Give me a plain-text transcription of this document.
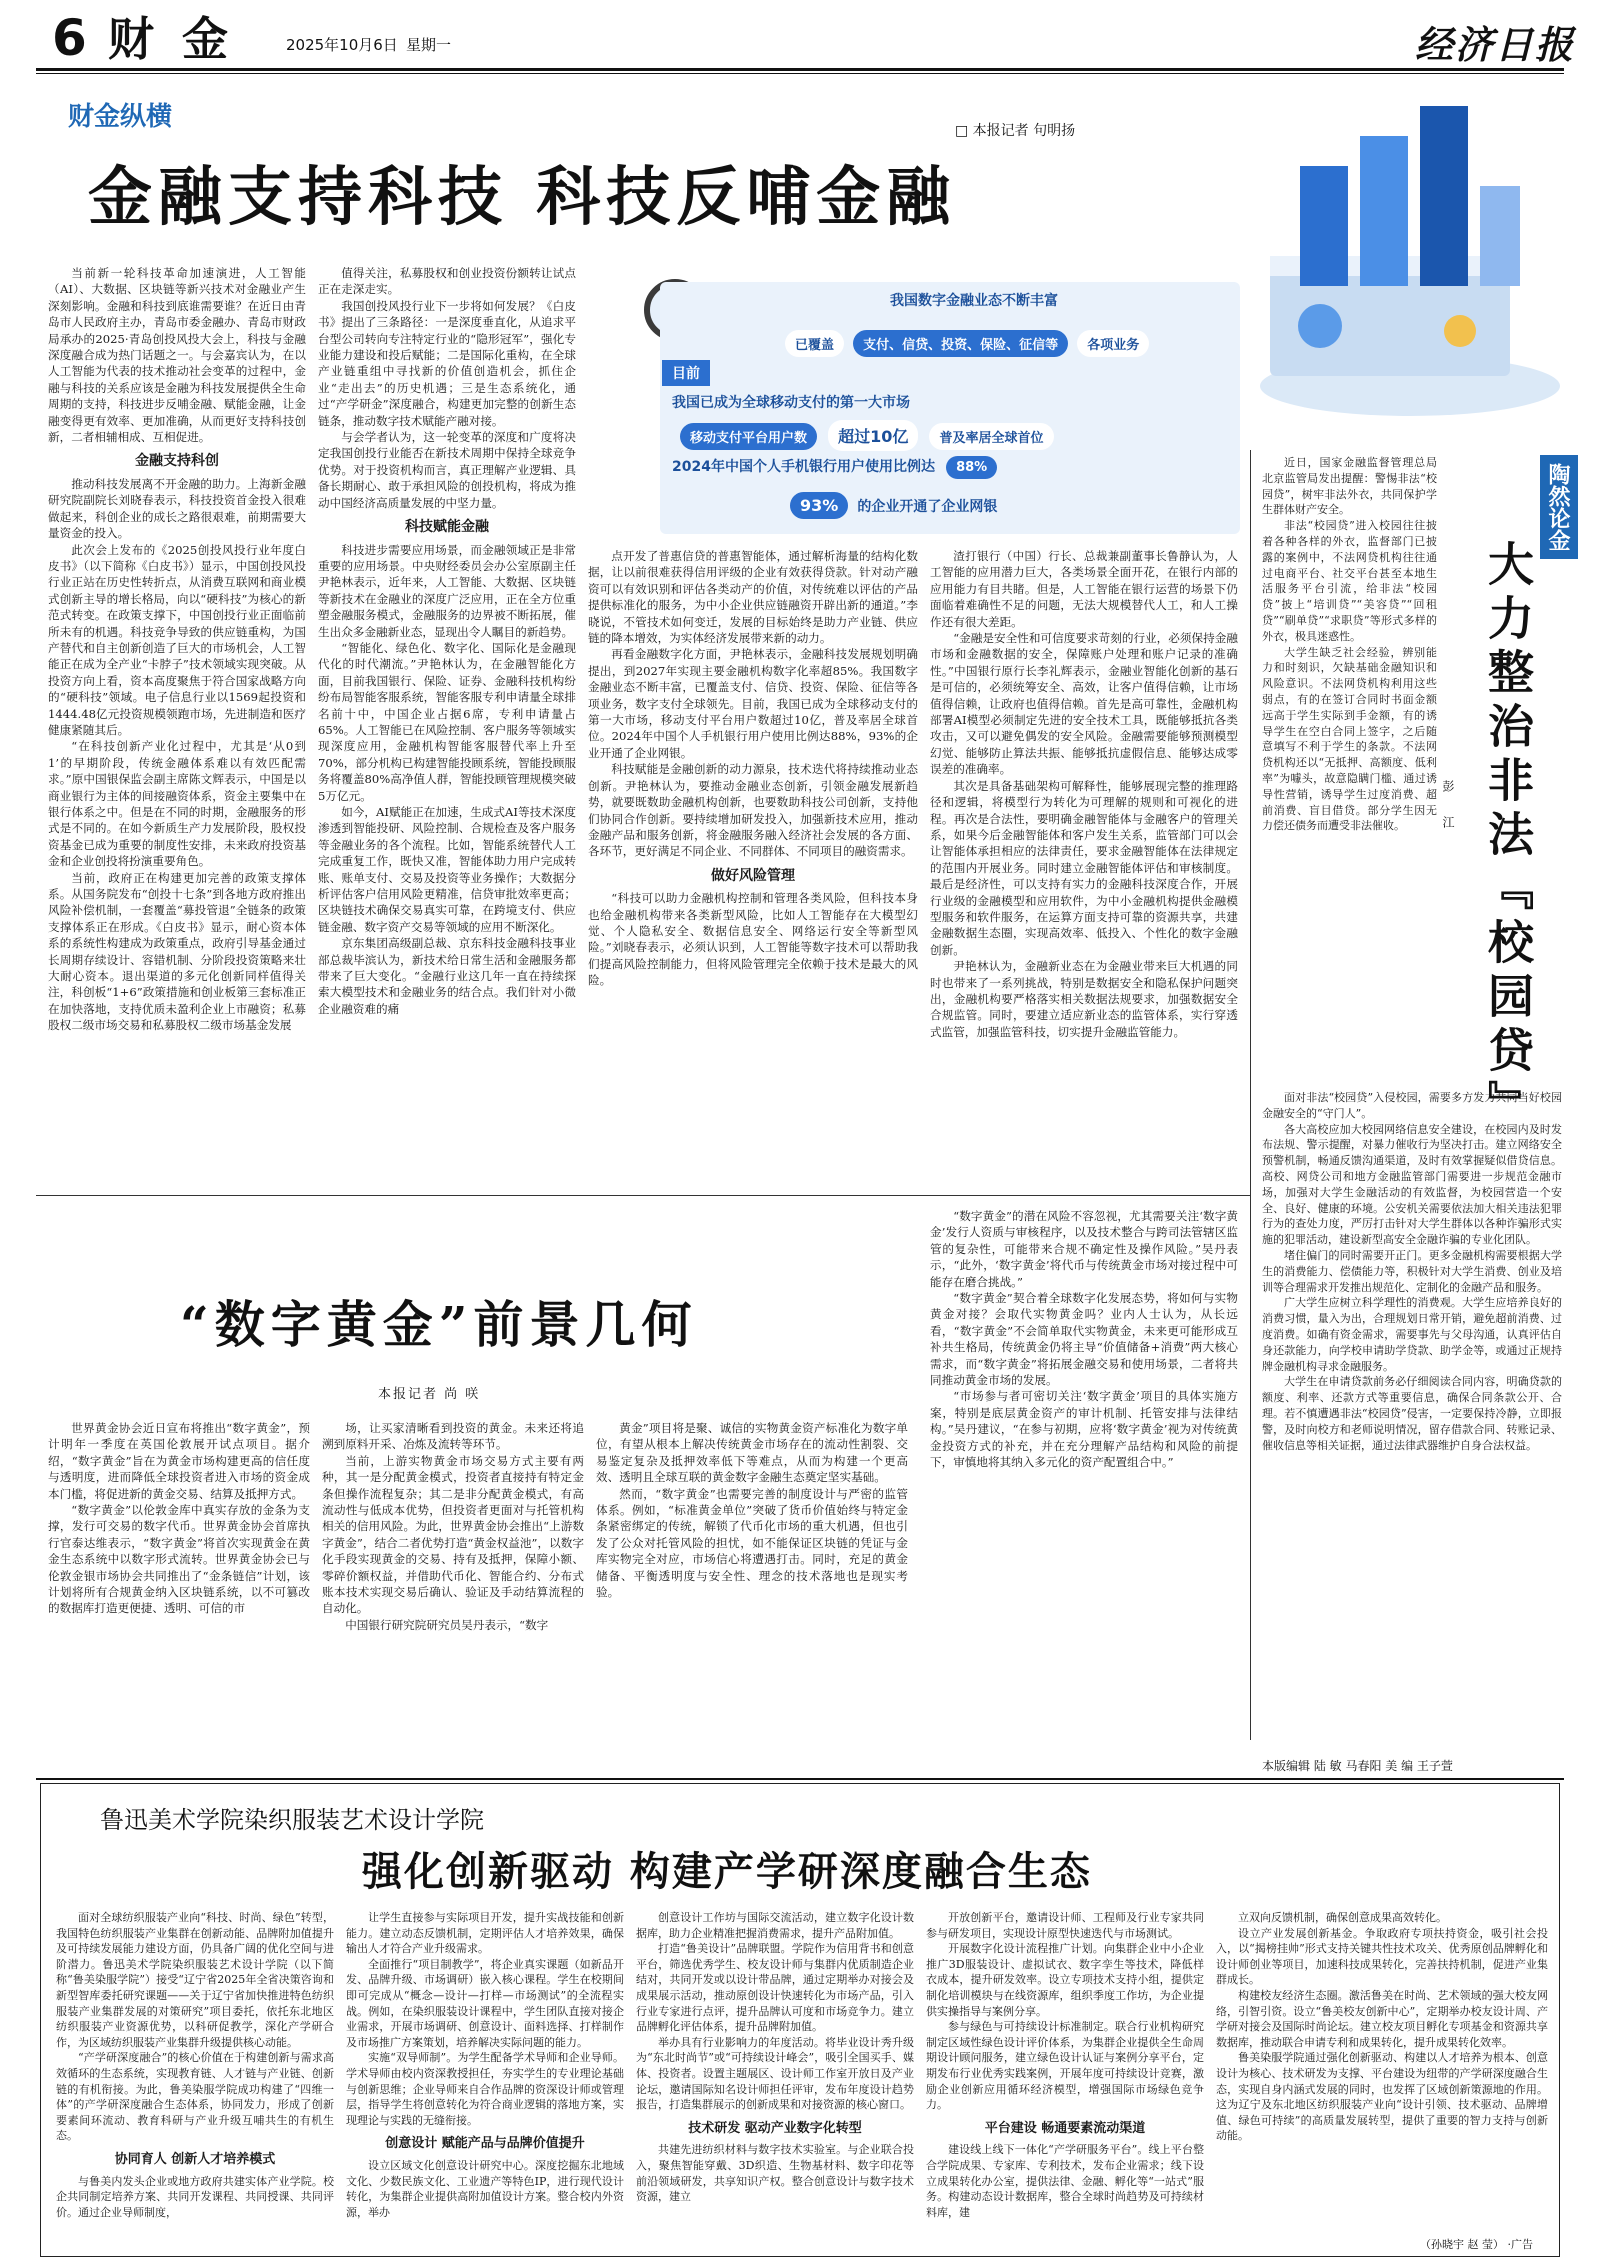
6 财 金	2025年10月6日 星期一	经济日报
财金纵横	□ 本报记者 句明扬
金融支持科技 科技反哺金融
我国数字金融业态不断丰富
已覆盖 支付、信贷、投资、保险、征信等 各项业务
目前
我国已成为全球移动支付的第一大市场
移动支付平台用户数 超过10亿 普及率居全球首位
2024年中国个人手机银行用户使用比例达 88%
93% 的企业开通了企业网银

当前新一轮科技革命加速演进，人工智能（AI）、大数据、区块链等新兴技术对金融业产生深刻影响。金融和科技到底谁需要谁？在近日由青岛市人民政府主办，青岛市委金融办、青岛市财政局承办的2025·青岛创投风投大会上，科技与金融深度融合成为热门话题之一。与会嘉宾认为，在以人工智能为代表的技术推动社会变革的过程中，金融与科技的关系应该是金融为科技发展提供全生命周期的支持，科技进步反哺金融、赋能金融，让金融变得更有效率、更加准确，从而更好支持科技创新，二者相辅相成、互相促进。

金融支持科创

推动科技发展离不开金融的助力。上海新金融研究院副院长刘晓春表示，科技投资首金投入很难做起来，科创企业的成长之路很艰难，前期需要大量资金的投入。

此次会上发布的《2025创投风投行业年度白皮书》（以下简称《白皮书》）显示，中国创投风投行业正站在历史性转折点，从消费互联网和商业模式创新主导的增长格局，向以“硬科技”为核心的新范式转变。在政策支撑下，中国创投行业正面临前所未有的机遇。科技竞争导致的供应链重构，为国产替代和自主创新创造了巨大的市场机会，人工智能正在成为全产业“卡脖子”技术领域实现突破。从投资方向上看，资本高度聚焦于符合国家战略方向的“硬科技”领域。电子信息行业以1569起投资和1444.48亿元投资规模领跑市场，先进制造和医疗健康紧随其后。

“在科技创新产业化过程中，尤其是‘从0到1’的早期阶段，传统金融体系难以有效匹配需求。”原中国银保监会副主席陈文辉表示，中国是以商业银行为主体的间接融资体系，资金主要集中在银行体系之中。但是在不同的时期，金融服务的形式是不同的。在如今新质生产力发展阶段，股权投资基金已成为重要的制度性安排，未来政府投资基金和企业创投将扮演重要角色。

当前，政府正在构建更加完善的政策支撑体系。从国务院发布“创投十七条”到各地方政府推出风险补偿机制，一套覆盖“募投管退”全链条的政策支撑体系正在形成。《白皮书》显示，耐心资本体系的系统性构建成为政策重点，政府引导基金通过长周期存续设计、容错机制、分阶段投资策略来壮大耐心资本。退出渠道的多元化创新同样值得关注，科创板“1+6”政策措施和创业板第三套标准正在加快落地，支持优质未盈利企业上市融资；私募股权二级市场交易和私募股权二级市场基金发展

值得关注，私募股权和创业投资份额转让试点正在走深走实。

我国创投风投行业下一步将如何发展？《白皮书》提出了三条路径：一是深度垂直化，从追求平台型公司转向专注特定行业的“隐形冠军”，强化专业能力建设和投后赋能；二是国际化重构，在全球产业链重组中寻找新的价值创造机会，抓住企业“走出去”的历史机遇；三是生态系统化，通过“产学研金”深度融合，构建更加完整的创新生态链条，推动数字技术赋能产融对接。

与会学者认为，这一轮变革的深度和广度将决定我国创投行业能否在新技术周期中保持全球竞争优势。对于投资机构而言，真正理解产业逻辑、具备长期耐心、敢于承担风险的创投机构，将成为推动中国经济高质量发展的中坚力量。

科技赋能金融

科技进步需要应用场景，而金融领域正是非常重要的应用场景。中央财经委员会办公室原副主任尹艳林表示，近年来，人工智能、大数据、区块链等新技术在金融业的深度广泛应用，正在全方位重塑金融服务模式，金融服务的边界被不断拓展，催生出众多金融新业态，显现出令人瞩目的新趋势。

“智能化、绿色化、数字化、国际化是金融现代化的时代潮流。”尹艳林认为，在金融智能化方面，目前我国银行、保险、证券、金融科技机构纷纷布局智能客服系统，智能客服专利申请量全球排名前十中，中国企业占据6席，专利申请量占65%。人工智能已在风险控制、客户服务等领域实现深度应用，金融机构智能客服替代率上升至70%，部分机构已构建智能投顾系统，智能投顾服务将覆盖80%高净值人群，智能投顾管理规模突破5万亿元。

如今，AI赋能正在加速，生成式AI等技术深度渗透到智能投研、风险控制、合规检查及客户服务等金融业务的各个流程。比如，智能系统替代人工完成重复工作，既快又准，智能体助力用户完成转账、账单支付、交易及投资等业务操作；大数据分析评估客户信用风险更精准，信贷审批效率更高；区块链技术确保交易真实可靠，在跨境支付、供应链金融、数字资产交易等领域的应用不断深化。

京东集团高级副总裁、京东科技金融科技事业部总裁毕滨认为，新技术给日常生活和金融服务都带来了巨大变化。“金融行业这几年一直在持续探索大模型技术和金融业务的结合点。我们针对小微企业融资难的痛

点开发了普惠信贷的普惠智能体，通过解析海量的结构化数据，让以前很难获得信用评级的企业有效获得贷款。针对动产融资可以有效识别和评估各类动产的价值，对传统难以评估的产品提供标准化的服务，为中小企业供应链融资开辟出新的通道。”李晓说，不管技术如何变迁，发展的目标始终是助力产业链、供应链的降本增效，为实体经济发展带来新的动力。

再看金融数字化方面，尹艳林表示，金融科技发展规划明确提出，到2027年实现主要金融机构数字化率超85%。我国数字金融业态不断丰富，已覆盖支付、信贷、投资、保险、征信等各项业务，数字支付全球领先。目前，我国已成为全球移动支付的第一大市场，移动支付平台用户数超过10亿，普及率居全球首位。2024年中国个人手机银行用户使用比例达88%，93%的企业开通了企业网银。

科技赋能是金融创新的动力源泉，技术迭代将持续推动业态创新。尹艳林认为，要推动金融业态创新，引领金融发展新趋势，就要既数助金融机构创新，也要数助科技公司创新，支持他们协同合作创新。要持续增加研发投入，加强新技术应用，推动金融产品和服务创新，将金融服务融入经济社会发展的各方面、各环节，更好满足不同企业、不同群体、不同项目的融资需求。

做好风险管理

“科技可以助力金融机构控制和管理各类风险，但科技本身也给金融机构带来各类新型风险，比如人工智能存在大模型幻觉、个人隐私安全、数据信息安全、网络运行安全等新型风险。”刘晓春表示，必须认识到，人工智能等数字技术可以帮助我们提高风险控制能力，但将风险管理完全依赖于技术是最大的风险。

渣打银行（中国）行长、总裁兼副董事长鲁静认为，人工智能的应用潜力巨大，各类场景全面开花，在银行内部的应用能力有目共睹。但是，人工智能在银行运营的场景下仍面临着难确性不足的问题，无法大规模替代人工，和人工操作还有很大差距。

“金融是安全性和可信度要求苛刻的行业，必须保持金融市场和金融数据的安全，保障账户处理和账户记录的准确性。”中国银行原行长李礼辉表示，金融业智能化创新的基石是可信的，必须统筹安全、高效，让客户值得信赖，让市场值得信赖，让政府也值得信赖。首先是高可靠性，金融机构部署AI模型必须制定先进的安全技术工具，既能够抵抗各类攻击，又可以避免偶发的安全风险。金融需要能够预测模型幻觉、能够防止算法共振、能够抵抗虚假信息、能够达成零误差的准确率。

其次是具备基础架构可解释性，能够展现完整的推理路径和逻辑，将模型行为转化为可理解的规则和可视化的进程。再次是合法性，要明确金融智能体与金融客户的管理关系，如果今后金融智能体和客户发生关系，监管部门可以会让智能体承担相应的法律责任，要求金融智能体在法律规定的范围内开展业务。同时建立金融智能体评估和审核制度。最后是经济性，可以支持有实力的金融科技深度合作，开展行业级的金融模型和应用软件，为中小金融机构提供金融模型服务和软件服务，在运算方面支持可靠的资源共享，共建金融数据生态圈，实现高效率、低投入、个性化的数字金融创新。

尹艳林认为，金融新业态在为金融业带来巨大机遇的同时也带来了一系列挑战，特别是数据安全和隐私保护问题突出，金融机构要严格落实相关数据法规要求，加强数据安全合规监管。同时，要建立适应新业态的监管体系，实行穿透式监管，加强监管科技，切实提升金融监管能力。

“数字黄金”前景几何
本报记者 尚 咲

世界黄金协会近日宣布将推出“数字黄金”，预计明年一季度在英国伦敦展开试点项目。据介绍，“数字黄金”旨在为黄金市场构建更高的信任度与透明度，进而降低全球投资者进入市场的资金成本门槛，将促进新的黄金交易、结算及抵押方式。

“数字黄金”以伦敦金库中真实存放的金条为支撑，发行可交易的数字代币。世界黄金协会首席执行官泰达维表示，“数字黄金”将首次实现黄金在黄金生态系统中以数字形式流转。世界黄金协会已与伦敦金银市场协会共同推出了“金条链信”计划，该计划将所有合规黄金纳入区块链系统，以不可篡改的数据库打造更便捷、透明、可信的市

场，让买家清晰看到投资的黄金。未来还将追溯到原料开采、冶炼及流转等环节。

当前，上游实物黄金市场交易方式主要有两种，其一是分配黄金模式，投资者直接持有特定金条但操作流程复杂；其二是非分配黄金模式，有高流动性与低成本优势，但投资者更面对与托管机构相关的信用风险。为此，世界黄金协会推出“上游数字黄金”，结合二者优势打造“黄金权益池”，以数字化手段实现黄金的交易、持有及抵押，保障小额、零碎价额权益，并借助代币化、智能合约、分布式账本技术实现交易后确认、验证及手动结算流程的自动化。

中国银行研究院研究员吴丹表示，“数字

黄金”项目将是聚、诚信的实物黄金资产标准化为数字单位，有望从根本上解决传统黄金市场存在的流动性割裂、交易鉴定复杂及抵押效率低下等难点，从而为构建一个更高效、透明且全球互联的黄金数字金融生态奠定坚实基础。

然而，“数字黄金”也需要完善的制度设计与严密的监管体系。例如，“标准黄金单位”突破了货币价值始终与特定金条紧密绑定的传统，解锁了代币化市场的重大机遇，但也引发了公众对托管风险的担忧，如不能保证区块链的凭证与金库实物完全对应，市场信心将遭遇打击。同时，充足的黄金储备、平衡透明度与安全性、理念的技术落地也是现实考验。

“数字黄金”的潜在风险不容忽视，尤其需要关注‘数字黄金’发行人资质与审核程序，以及技术整合与跨司法管辖区监管的复杂性，可能带来合规不确定性及操作风险。”吴丹表示，“此外，‘数字黄金’将代币与传统黄金市场对接过程中可能存在磨合挑战。”

“数字黄金”契合着全球数字化发展态势，将如何与实物黄金对接？会取代实物黄金吗？业内人士认为，从长远看，“数字黄金”不会简单取代实物黄金，未来更可能形成互补共生格局，传统黄金仍将主导“价值储备+消费”两大核心需求，而“数字黄金”将拓展金融交易和使用场景，二者将共同推动黄金市场的发展。

“市场参与者可密切关注‘数字黄金’项目的具体实施方案，特别是底层黄金资产的审计机制、托管安排与法律结构。”吴丹建议，“在参与初期，应将‘数字黄金’视为对传统黄金投资方式的补充，并在充分理解产品结构和风险的前提下，审慎地将其纳入多元化的资产配置组合中。”

陶然论金
大力整治非法『校园贷』
彭 江

近日，国家金融监督管理总局北京监管局发出提醒：警惕非法“校园贷”，树牢非法外衣，共同保护学生群体财产安全。

非法“校园贷”进入校园往往披着各种各样的外衣，监督部门已披露的案例中，不法网贷机构往往通过电商平台、社交平台甚至本地生活服务平台引流，给非法“校园贷”披上“培训贷”“美容贷”“回租贷”“刷单贷”“求职贷”等形式多样的外衣，极具迷惑性。

大学生缺乏社会经验，辨别能力和时刻识，欠缺基础金融知识和风险意识。不法网贷机构利用这些弱点，有的在签订合同时书面金额远高于学生实际到手金额，有的诱导学生在空白合同上签字，之后随意填写不利于学生的条款。不法网贷机构还以“无抵押、高额度、低利率”为噱头，故意隐瞒门槛、通过诱导性营销，诱导学生过度消费、超前消费、盲目借贷。部分学生因无力偿还债务而遭受非法催收。

面对非法“校园贷”入侵校园，需要多方发力共同当好校园金融安全的“守门人”。

各大高校应加大校园网络信息安全建设，在校园内及时发布法规、警示提醒，对暴力催收行为坚决打击。建立网络安全预警机制，畅通反馈沟通渠道，及时有效掌握疑似借贷信息。高校、网贷公司和地方金融监管部门需要进一步规范金融市场，加强对大学生金融活动的有效监督，为校园营造一个安全、良好、健康的环境。公安机关需要依法加大相关违法犯罪行为的查处力度，严厉打击针对大学生群体以各种诈骗形式实施的犯罪活动，建设新型高安全金融诈骗的专业化团队。

堵住偏门的同时需要开正门。更多金融机构需要根据大学生的消费能力、偿债能力等，积极针对大学生消费、创业及培训等合理需求开发推出规范化、定制化的金融产品和服务。

广大学生应树立科学理性的消费观。大学生应培养良好的消费习惯，量入为出，合理规划日常开销，避免超前消费、过度消费。如确有资金需求，需要事先与父母沟通，认真评估自身还款能力，向学校申请助学贷款、助学金等，或通过正规持牌金融机构寻求金融服务。

大学生在申请贷款前务必仔细阅读合同内容，明确贷款的额度、利率、还款方式等重要信息，确保合同条款公开、合理。若不慎遭遇非法“校园贷”侵害，一定要保持冷静，立即报警，及时向校方和老师说明情况，留存借款合同、转账记录、催收信息等相关证据，通过法律武器维护自身合法权益。

本版编辑 陆 敏 马春阳 美 编 王子萱
鲁迅美术学院染织服装艺术设计学院
强化创新驱动 构建产学研深度融合生态

面对全球纺织服装产业向“科技、时尚、绿色”转型，我国特色纺织服装产业集群在创新动能、品牌附加值提升及可持续发展能力建设方面，仍具备广阔的优化空间与进阶潜力。鲁迅美术学院染织服装艺术设计学院（以下简称“鲁美染服学院”）接受“辽宁省2025年全省决策咨询和新型智库委托研究课题——关于辽宁省加快推进特色纺织服装产业集群发展的对策研究”项目委托，依托东北地区纺织服装产业资源优势，以科研促教学，深化产学研合作，为区域纺织服装产业集群升级提供核心动能。

“产学研深度融合”的核心价值在于构建创新与需求高效循环的生态系统，实现教育链、人才链与产业链、创新链的有机衔接。为此，鲁美染服学院成功构建了“四维一体”的产学研深度融合生态体系，协同发力，形成了创新要素间环流动、教育科研与产业升级互哺共生的有机生态。

协同育人 创新人才培养模式

与鲁美内发头企业或地方政府共建实体产业学院。校企共同制定培养方案、共同开发课程、共同授课、共同评价。通过企业导师制度，

让学生直接参与实际项目开发，提升实战技能和创新能力。建立动态反馈机制，定期评估人才培养效果，确保输出人才符合产业升级需求。

全面推行“项目制教学”，将企业真实课题（如新品开发、品牌升级、市场调研）嵌入核心课程。学生在校期间即可完成从“概念—设计—打样—市场测试”的全流程实战。例如，在染织服装设计课程中，学生团队直接对接企业需求，开展市场调研、创意设计、面料选择、打样制作及市场推广方案策划，培养解决实际问题的能力。

实施“双导师制”。为学生配备学术导师和企业导师。学术导师由校内资深教授担任，夯实学生的专业理论基础与创新思维；企业导师来自合作品牌的资深设计师或管理层，指导学生将创意转化为符合商业逻辑的落地方案，实现理论与实践的无缝衔接。

创意设计 赋能产品与品牌价值提升

设立区域文化创意设计研究中心。深度挖掘东北地域文化、少数民族文化、工业遗产等特色IP，进行现代设计转化，为集群企业提供高附加值设计方案。整合校内外资源，举办

创意设计工作坊与国际交流活动，建立数字化设计数据库，助力企业精准把握消费需求，提升产品附加值。

打造“鲁美设计”品牌联盟。学院作为信用背书和创意平台，筛选优秀学生、校友设计师与集群内优质制造企业结对，共同开发或以设计带品牌，通过定期举办对接会及成果展示活动，推动原创设计快速转化为市场产品，引入行业专家进行点评，提升品牌认可度和市场竞争力。建立品牌孵化评估体系，提升品牌附加值。

举办具有行业影响力的年度活动。将毕业设计秀升级为“东北时尚节”或“可持续设计峰会”，吸引全国买手、媒体、投资者。设置主题展区、设计师工作室开放日及产业论坛，邀请国际知名设计师担任评审，发布年度设计趋势报告，打造集群展示的创新成果和对接资源的核心窗口。

技术研发 驱动产业数字化转型

共建先进纺织材料与数字技术实验室。与企业联合投入，聚焦智能穿戴、3D织造、生物基材料、数字印花等前沿领域研发，共享知识产权。整合创意设计与数字技术资源，建立

开放创新平台，邀请设计师、工程师及行业专家共同参与研发项目，实现设计原型快速迭代与市场测试。

开展数字化设计流程推广计划。向集群企业中小企业推广3D服装设计、虚拟试衣、数字孪生等技术，降低样衣成本，提升研发效率。设立专项技术支持小组，提供定制化培训模块与在线资源库，组织季度工作坊，为企业提供实操指导与案例分享。

参与绿色与可持续设计标准制定。联合行业机构研究制定区域性绿色设计评价体系，为集群企业提供全生命周期设计顾问服务，建立绿色设计认证与案例分享平台，定期发布行业优秀实践案例，开展年度可持续设计竞赛，激励企业创新应用循环经济模型，增强国际市场绿色竞争力。

平台建设 畅通要素流动渠道

建设线上线下一体化“产学研服务平台”。线上平台整合学院成果、专家库、专利技术，发布企业需求；线下设立成果转化办公室，提供法律、金融、孵化等“一站式”服务。构建动态设计数据库，整合全球时尚趋势及可持续材料库，建

立双向反馈机制，确保创意成果高效转化。

设立产业发展创新基金。争取政府专项扶持资金，吸引社会投入，以“揭榜挂帅”形式支持关键共性技术攻关、优秀原创品牌孵化和设计师创业等项目，加速科技成果转化，完善扶持机制，促进产业集群成长。

构建校友经济生态圈。激活鲁美在时尚、艺术领域的强大校友网络，引智引资。设立“鲁美校友创新中心”，定期举办校友设计周、产学研对接会及国际时尚论坛。建立校友项目孵化专项基金和资源共享数据库，推动联合申请专利和成果转化，提升成果转化效率。

鲁美染服学院通过强化创新驱动、构建以人才培养为根本、创意设计为核心、技术研发为支撑、平台建设为纽带的产学研深度融合生态，实现自身内涵式发展的同时，也发挥了区域创新策源地的作用。这为辽宁及东北地区纺织服装产业向“设计引领、技术驱动、品牌增值、绿色可持续”的高质量发展转型，提供了重要的智力支持与创新动能。

（孙晓宇 赵 莹） ·广告
